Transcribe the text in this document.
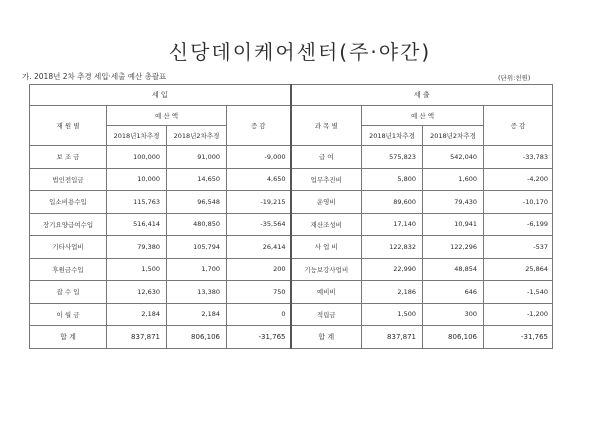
신당데이케어센터(주·야간)
가. 2018년 2차 추경 세입·세출 예산 총괄표	(단위:천원)
세 입				세 출			
재 원 별	예 산 액		증 감	과 목 별	예 산 액		증 감
	2018년1차추경	2018년2차추경			2018년1차추경	2018년2차추경	
보 조 금	100,000	91,000	-9,000	급 여	575,823	542,040	-33,783
법인전입금	10,000	14,650	4,650	업무추진비	5,800	1,600	-4,200
입소비용수입	115,763	96,548	-19,215	운영비	89,600	79,430	-10,170
장기요양급여수입	516,414	480,850	-35,564	재산조성비	17,140	10,941	-6,199
기타사업비	79,380	105,794	26,414	사 업 비	122,832	122,296	-537
후원금수입	1,500	1,700	200	기능보강사업비	22,990	48,854	25,864
잡 수 입	12,630	13,380	750	예비비	2,186	646	-1,540
이 월 금	2,184	2,184	0	적립금	1,500	300	-1,200
합 계	837,871	806,106	-31,765	합 계	837,871	806,106	-31,765
